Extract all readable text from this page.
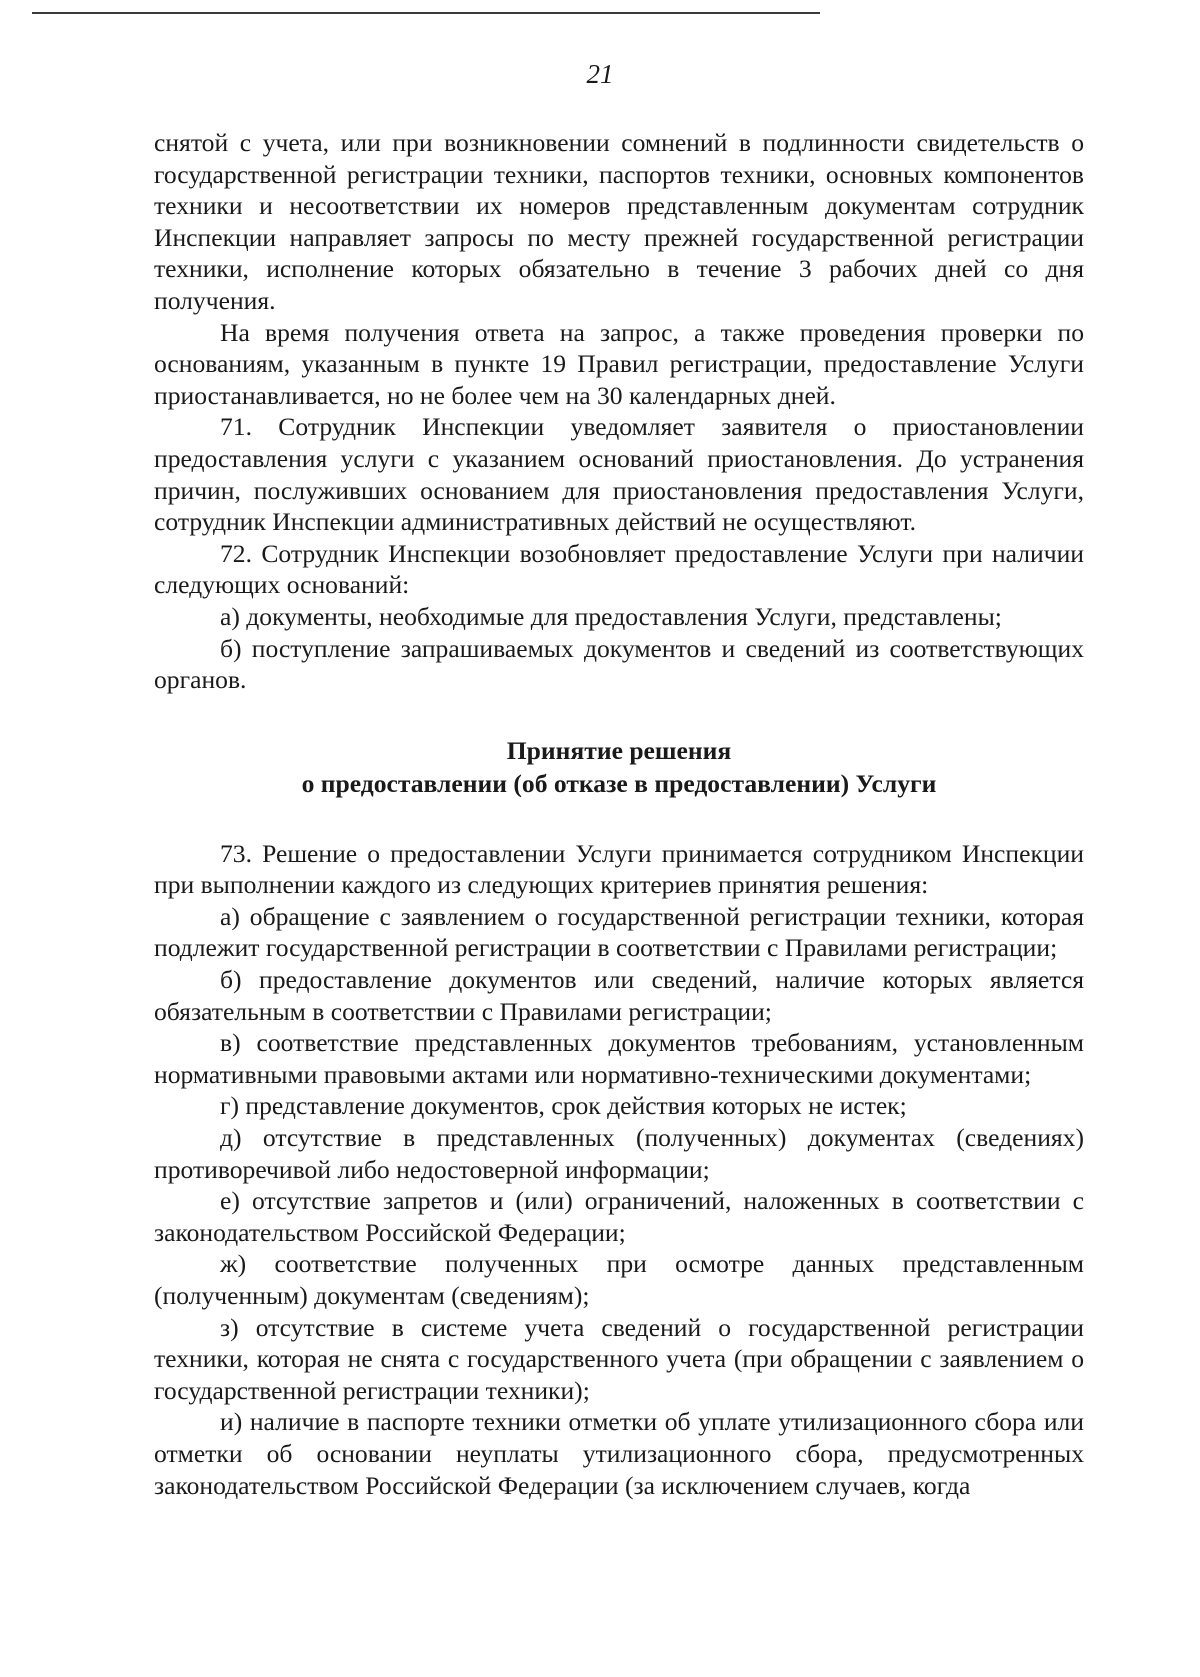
21

снятой с учета, или при возникновении сомнений в подлинности свидетельств о государственной регистрации техники, паспортов техники, основных компонентов техники и несоответствии их номеров представленным документам сотрудник Инспекции направляет запросы по месту прежней государственной регистрации техники, исполнение которых обязательно в течение 3 рабочих дней со дня получения.

На время получения ответа на запрос, а также проведения проверки по основаниям, указанным в пункте 19 Правил регистрации, предоставление Услуги приостанавливается, но не более чем на 30 календарных дней.

71. Сотрудник Инспекции уведомляет заявителя о приостановлении предоставления услуги с указанием оснований приостановления. До устранения причин, послуживших основанием для приостановления предоставления Услуги, сотрудник Инспекции административных действий не осуществляют.

72. Сотрудник Инспекции возобновляет предоставление Услуги при наличии следующих оснований:

а) документы, необходимые для предоставления Услуги, представлены;

б) поступление запрашиваемых документов и сведений из соответствующих органов.

Принятие решения
о предоставлении (об отказе в предоставлении) Услуги

73. Решение о предоставлении Услуги принимается сотрудником Инспекции при выполнении каждого из следующих критериев принятия решения:

а) обращение с заявлением о государственной регистрации техники, которая подлежит государственной регистрации в соответствии с Правилами регистрации;

б) предоставление документов или сведений, наличие которых является обязательным в соответствии с Правилами регистрации;

в) соответствие представленных документов требованиям, установленным нормативными правовыми актами или нормативно-техническими документами;

г) представление документов, срок действия которых не истек;

д) отсутствие в представленных (полученных) документах (сведениях) противоречивой либо недостоверной информации;

е) отсутствие запретов и (или) ограничений, наложенных в соответствии с законодательством Российской Федерации;

ж) соответствие полученных при осмотре данных представленным (полученным) документам (сведениям);

з) отсутствие в системе учета сведений о государственной регистрации техники, которая не снята с государственного учета (при обращении с заявлением о государственной регистрации техники);

и) наличие в паспорте техники отметки об уплате утилизационного сбора или отметки об основании неуплаты утилизационного сбора, предусмотренных законодательством Российской Федерации (за исключением случаев, когда
